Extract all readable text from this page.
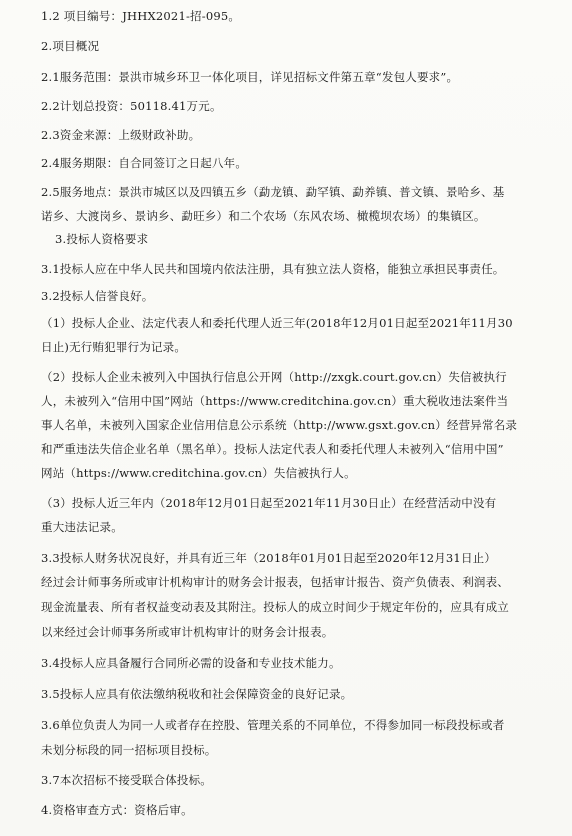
1.2 项目编号：JHHX2021-招-095。
2.项目概况
2.1服务范围：景洪市城乡环卫一体化项目，详见招标文件第五章“发包人要求”。
2.2计划总投资：50118.41万元。
2.3资金来源：上级财政补助。
2.4服务期限：自合同签订之日起八年。
2.5服务地点：景洪市城区以及四镇五乡（勐龙镇、勐罕镇、勐养镇、普文镇、景哈乡、基
诺乡、大渡岗乡、景讷乡、勐旺乡）和二个农场（东风农场、橄榄坝农场）的集镇区。
3.投标人资格要求
3.1投标人应在中华人民共和国境内依法注册，具有独立法人资格，能独立承担民事责任。
3.2投标人信誉良好。
（1）投标人企业、法定代表人和委托代理人近三年(2018年12月01日起至2021年11月30
日止)无行贿犯罪行为记录。
（2）投标人企业未被列入中国执行信息公开网（http://zxgk.court.gov.cn）失信被执行
人，未被列入“信用中国”网站（https://www.creditchina.gov.cn）重大税收违法案件当
事人名单，未被列入国家企业信用信息公示系统（http://www.gsxt.gov.cn）经营异常名录
和严重违法失信企业名单（黑名单）。投标人法定代表人和委托代理人未被列入“信用中国”
网站（https://www.creditchina.gov.cn）失信被执行人。
（3）投标人近三年内（2018年12月01日起至2021年11月30日止）在经营活动中没有
重大违法记录。
3.3投标人财务状况良好，并具有近三年（2018年01月01日起至2020年12月31日止）
经过会计师事务所或审计机构审计的财务会计报表，包括审计报告、资产负债表、利润表、
现金流量表、所有者权益变动表及其附注。投标人的成立时间少于规定年份的，应具有成立
以来经过会计师事务所或审计机构审计的财务会计报表。
3.4投标人应具备履行合同所必需的设备和专业技术能力。
3.5投标人应具有依法缴纳税收和社会保障资金的良好记录。
3.6单位负责人为同一人或者存在控股、管理关系的不同单位，不得参加同一标段投标或者
未划分标段的同一招标项目投标。
3.7本次招标不接受联合体投标。
4.资格审查方式：资格后审。
